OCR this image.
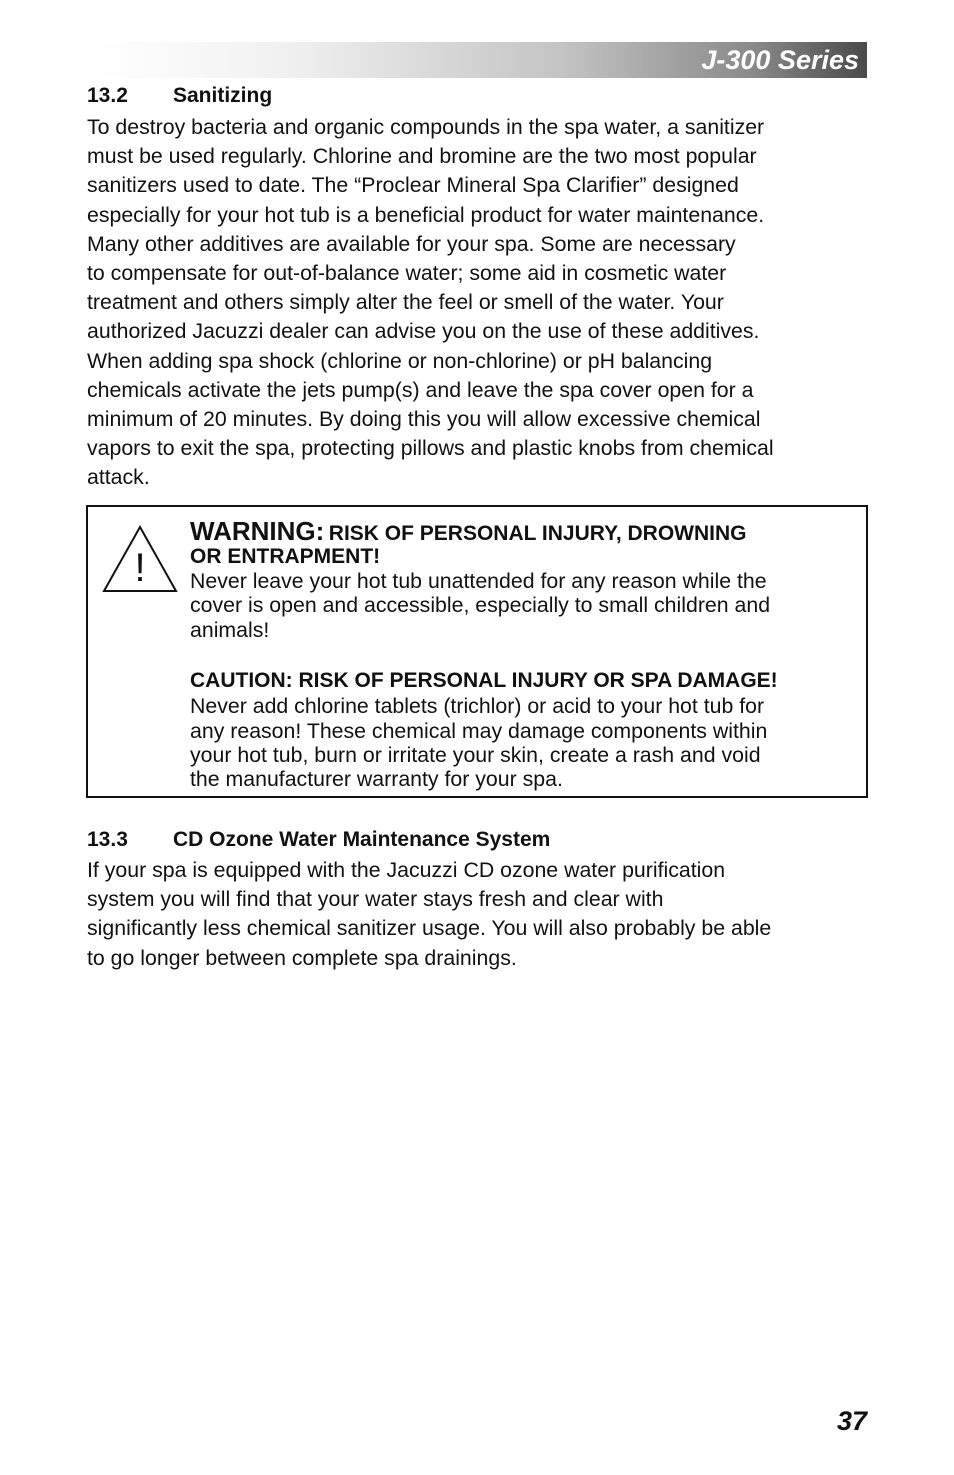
J-300 Series
13.2 Sanitizing
To destroy bacteria and organic compounds in the spa water, a sanitizer
must be used regularly. Chlorine and bromine are the two most popular
sanitizers used to date. The “Proclear Mineral Spa Clarifier” designed
especially for your hot tub is a beneficial product for water maintenance.
Many other additives are available for your spa. Some are necessary
to compensate for out-of-balance water; some aid in cosmetic water
treatment and others simply alter the feel or smell of the water. Your
authorized Jacuzzi dealer can advise you on the use of these additives.
When adding spa shock (chlorine or non-chlorine) or pH balancing
chemicals activate the jets pump(s) and leave the spa cover open for a
minimum of 20 minutes. By doing this you will allow excessive chemical
vapors to exit the spa, protecting pillows and plastic knobs from chemical
attack.
!
WARNING: RISK OF PERSONAL INJURY, DROWNING
OR ENTRAPMENT!
Never leave your hot tub unattended for any reason while the
cover is open and accessible, especially to small children and
animals!
CAUTION: RISK OF PERSONAL INJURY OR SPA DAMAGE!
Never add chlorine tablets (trichlor) or acid to your hot tub for
any reason! These chemical may damage components within
your hot tub, burn or irritate your skin, create a rash and void
the manufacturer warranty for your spa.
13.3 CD Ozone Water Maintenance System
If your spa is equipped with the Jacuzzi CD ozone water purification
system you will find that your water stays fresh and clear with
significantly less chemical sanitizer usage. You will also probably be able
to go longer between complete spa drainings.
37
